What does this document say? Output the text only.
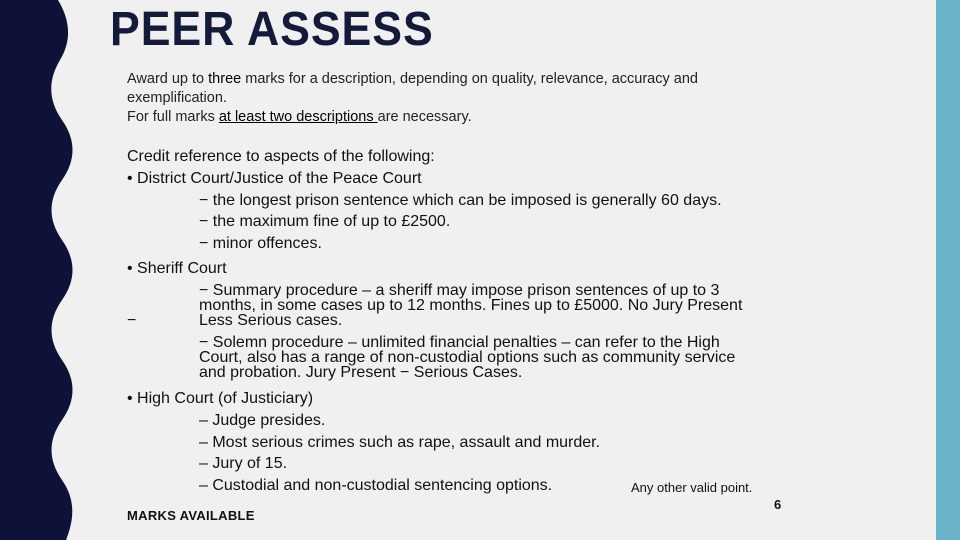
PEER ASSESS
Award up to three marks for a description, depending on quality, relevance, accuracy and
exemplification.
For full marks at least two descriptions are necessary.
Credit reference to aspects of the following:
• District Court/Justice of the Peace Court
− the longest prison sentence which can be imposed is generally 60 days.
− the maximum fine of up to £2500.
− minor offences.
• Sheriff Court
− Summary procedure – a sheriff may impose prison sentences of up to 3
months, in some cases up to 12 months. Fines up to £5000. No Jury Present
Less Serious cases.
−
− Solemn procedure – unlimited financial penalties – can refer to the High
Court, also has a range of non-custodial options such as community service
and probation. Jury Present − Serious Cases.
• High Court (of Justiciary)
– Judge presides.
– Most serious crimes such as rape, assault and murder.
– Jury of 15.
– Custodial and non-custodial sentencing options.	Any other valid point.
6
MARKS AVAILABLE
